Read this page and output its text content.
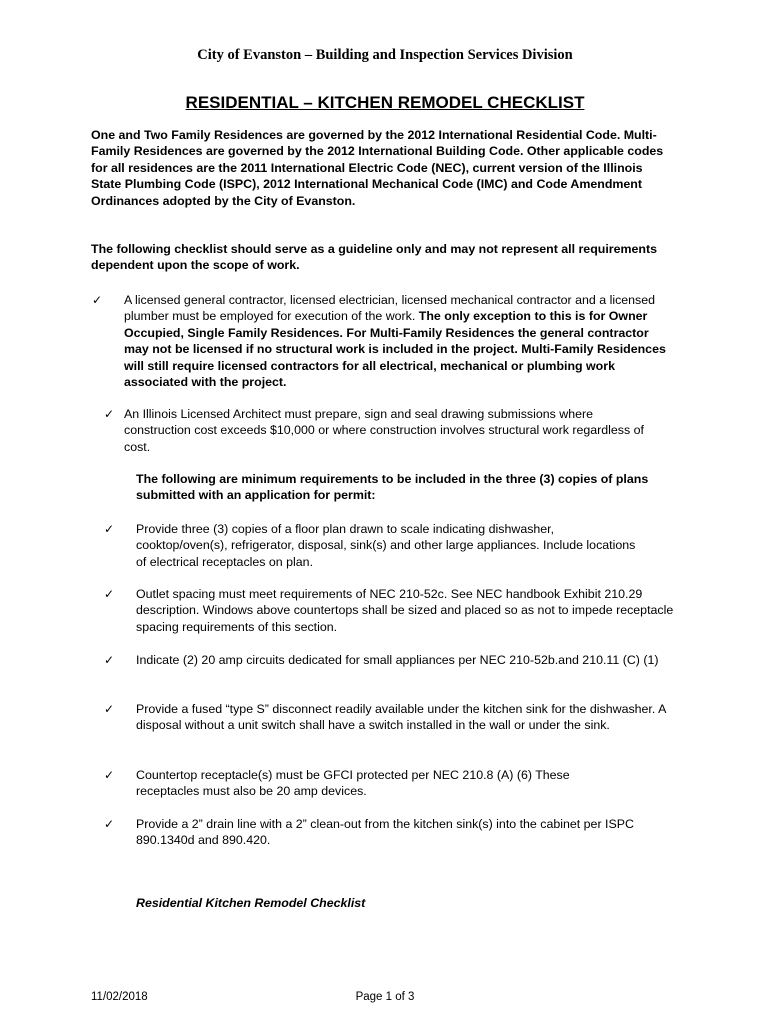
City of Evanston – Building and Inspection Services Division
RESIDENTIAL – KITCHEN REMODEL CHECKLIST
One and Two Family Residences are governed by the 2012 International Residential Code. Multi-Family Residences are governed by the 2012 International Building Code. Other applicable codes for all residences are the 2011 International Electric Code (NEC), current version of the Illinois State Plumbing Code (ISPC), 2012 International Mechanical Code (IMC) and Code Amendment Ordinances adopted by the City of Evanston.
The following checklist should serve as a guideline only and may not represent all requirements dependent upon the scope of work.
✓ A licensed general contractor, licensed electrician, licensed mechanical contractor and a licensed plumber must be employed for execution of the work. The only exception to this is for Owner Occupied, Single Family Residences. For Multi-Family Residences the general contractor may not be licensed if no structural work is included in the project. Multi-Family Residences will still require licensed contractors for all electrical, mechanical or plumbing work associated with the project.
✓ An Illinois Licensed Architect must prepare, sign and seal drawing submissions where construction cost exceeds $10,000 or where construction involves structural work regardless of cost.
The following are minimum requirements to be included in the three (3) copies of plans submitted with an application for permit:
✓ Provide three (3) copies of a floor plan drawn to scale indicating dishwasher, cooktop/oven(s), refrigerator, disposal, sink(s) and other large appliances. Include locations of electrical receptacles on plan.
✓ Outlet spacing must meet requirements of NEC 210-52c. See NEC handbook Exhibit 210.29 description. Windows above countertops shall be sized and placed so as not to impede receptacle spacing requirements of this section.
✓ Indicate (2) 20 amp circuits dedicated for small appliances per NEC 210-52b.and 210.11 (C) (1)
✓ Provide a fused “type S” disconnect readily available under the kitchen sink for the dishwasher. A disposal without a unit switch shall have a switch installed in the wall or under the sink.
✓ Countertop receptacle(s) must be GFCI protected per NEC 210.8 (A) (6) These receptacles must also be 20 amp devices.
✓ Provide a 2” drain line with a 2” clean-out from the kitchen sink(s) into the cabinet per ISPC 890.1340d and 890.420.
Residential Kitchen Remodel Checklist
11/02/2018	Page 1 of 3
